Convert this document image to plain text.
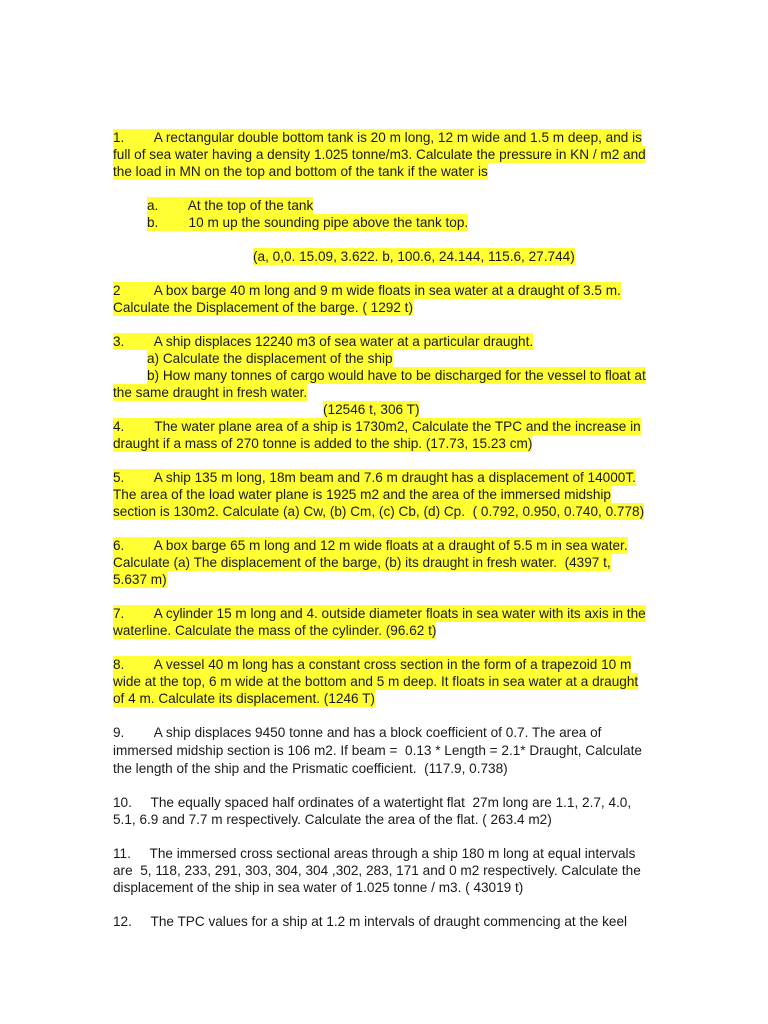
1.        A rectangular double bottom tank is 20 m long, 12 m wide and 1.5 m deep, and is
full of sea water having a density 1.025 tonne/m3. Calculate the pressure in KN / m2 and
the load in MN on the top and bottom of the tank if the water is
a.        At the top of the tank
b.        10 m up the sounding pipe above the tank top.
(a, 0,0. 15.09, 3.622. b, 100.6, 24.144, 115.6, 27.744)
2         A box barge 40 m long and 9 m wide floats in sea water at a draught of 3.5 m.
Calculate the Displacement of the barge. ( 1292 t)
3.        A ship displaces 12240 m3 of sea water at a particular draught.
a) Calculate the displacement of the ship
b) How many tonnes of cargo would have to be discharged for the vessel to float at
the same draught in fresh water.
(12546 t, 306 T)
4.        The water plane area of a ship is 1730m2, Calculate the TPC and the increase in
draught if a mass of 270 tonne is added to the ship. (17.73, 15.23 cm)
5.        A ship 135 m long, 18m beam and 7.6 m draught has a displacement of 14000T.
The area of the load water plane is 1925 m2 and the area of the immersed midship
section is 130m2. Calculate (a) Cw, (b) Cm, (c) Cb, (d) Cp.  ( 0.792, 0.950, 0.740, 0.778)
6.        A box barge 65 m long and 12 m wide floats at a draught of 5.5 m in sea water.
Calculate (a) The displacement of the barge, (b) its draught in fresh water.  (4397 t,
5.637 m)
7.        A cylinder 15 m long and 4. outside diameter floats in sea water with its axis in the
waterline. Calculate the mass of the cylinder. (96.62 t)
8.        A vessel 40 m long has a constant cross section in the form of a trapezoid 10 m
wide at the top, 6 m wide at the bottom and 5 m deep. It floats in sea water at a draught
of 4 m. Calculate its displacement. (1246 T)
9.        A ship displaces 9450 tonne and has a block coefficient of 0.7. The area of
immersed midship section is 106 m2. If beam =  0.13 * Length = 2.1* Draught, Calculate
the length of the ship and the Prismatic coefficient.  (117.9, 0.738)
10.     The equally spaced half ordinates of a watertight flat  27m long are 1.1, 2.7, 4.0,
5.1, 6.9 and 7.7 m respectively. Calculate the area of the flat. ( 263.4 m2)
11.     The immersed cross sectional areas through a ship 180 m long at equal intervals
are  5, 118, 233, 291, 303, 304, 304 ,302, 283, 171 and 0 m2 respectively. Calculate the
displacement of the ship in sea water of 1.025 tonne / m3. ( 43019 t)
12.     The TPC values for a ship at 1.2 m intervals of draught commencing at the keel
